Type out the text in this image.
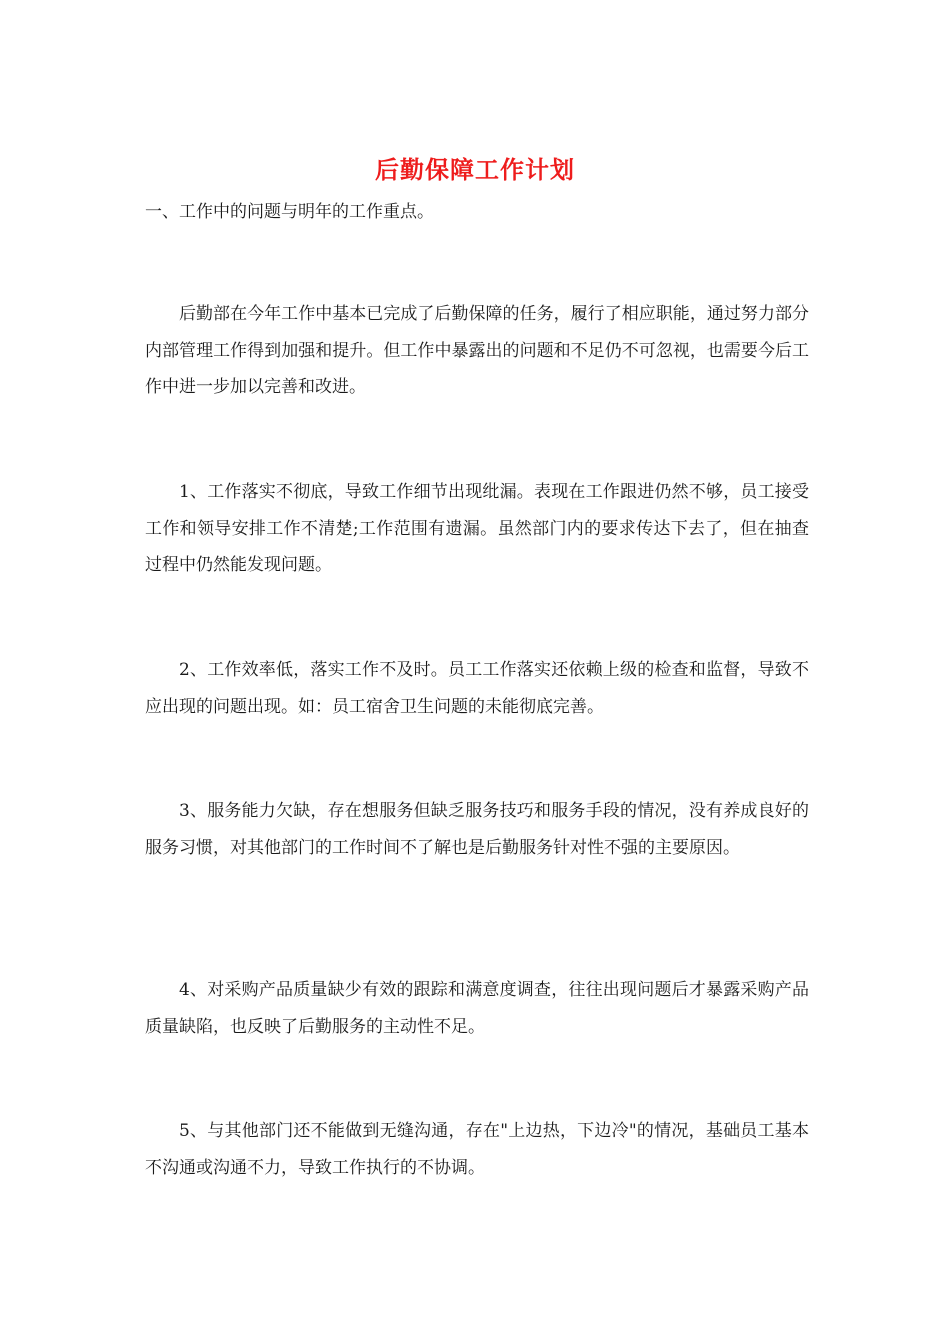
后勤保障工作计划
一、工作中的问题与明年的工作重点。

后勤部在今年工作中基本已完成了后勤保障的任务，履行了相应职能，通过努力部分内部管理工作得到加强和提升。但工作中暴露出的问题和不足仍不可忽视，也需要今后工作中进一步加以完善和改进。

1、工作落实不彻底，导致工作细节出现纰漏。表现在工作跟进仍然不够，员工接受工作和领导安排工作不清楚;工作范围有遗漏。虽然部门内的要求传达下去了，但在抽查过程中仍然能发现问题。

2、工作效率低，落实工作不及时。员工工作落实还依赖上级的检查和监督，导致不应出现的问题出现。如：员工宿舍卫生问题的未能彻底完善。

3、服务能力欠缺，存在想服务但缺乏服务技巧和服务手段的情况，没有养成良好的服务习惯，对其他部门的工作时间不了解也是后勤服务针对性不强的主要原因。

4、对采购产品质量缺少有效的跟踪和满意度调查，往往出现问题后才暴露采购产品质量缺陷，也反映了后勤服务的主动性不足。

5、与其他部门还不能做到无缝沟通，存在"上边热，下边冷"的情况，基础员工基本不沟通或沟通不力，导致工作执行的不协调。
